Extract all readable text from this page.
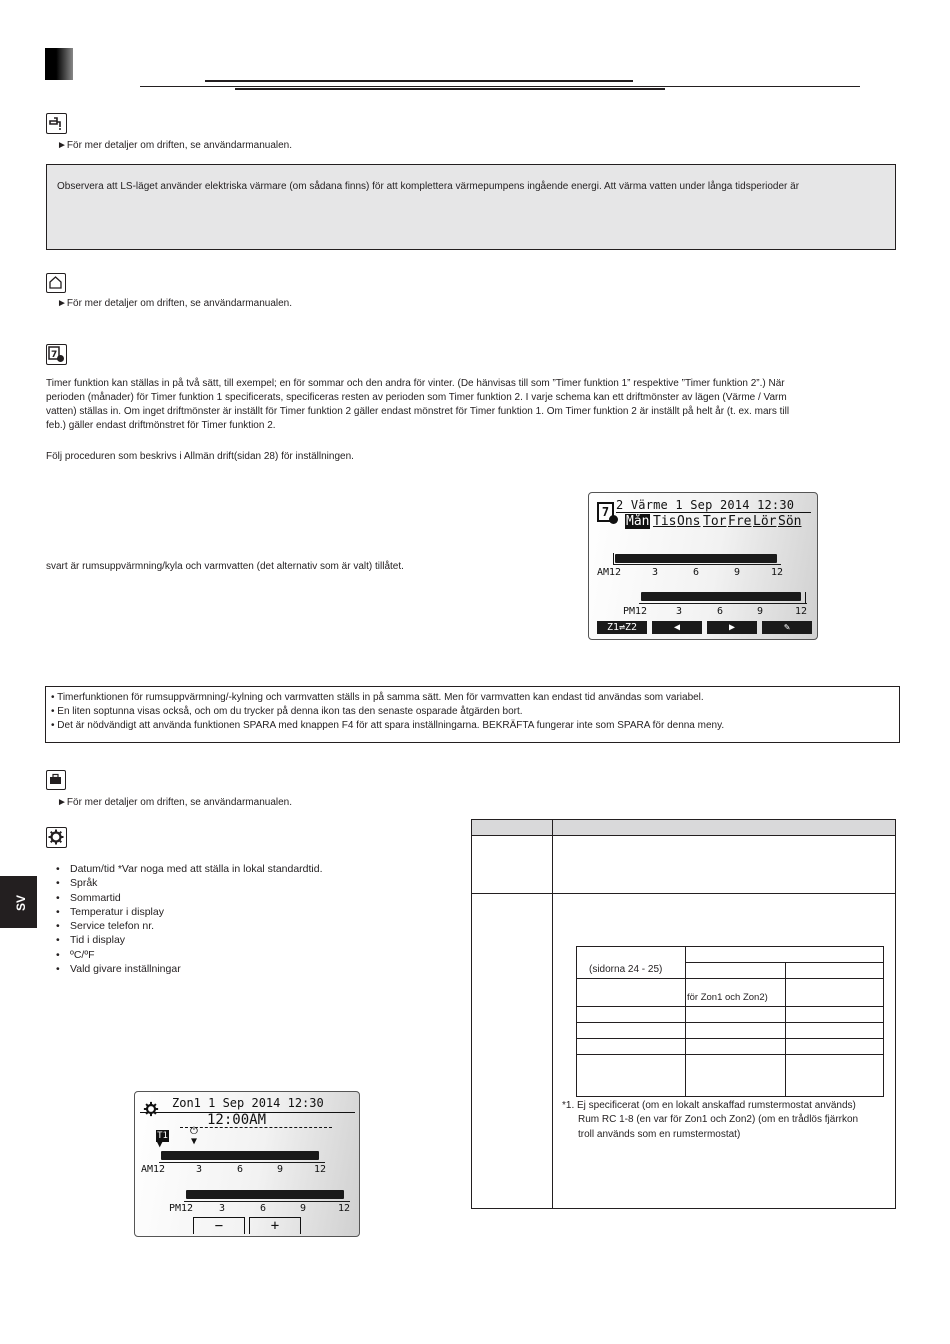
►För mer detaljer om driften, se användarmanualen.
Observera att LS-läget använder elektriska värmare (om sådana finns) för att komplettera värmepumpens ingående energi. Att värma vatten under långa tidsperioder är
►För mer detaljer om driften, se användarmanualen.
7
Timer funktion kan ställas in på två sätt, till exempel; en för sommar och den andra för vinter. (De hänvisas till som ”Timer funktion 1” respektive ”Timer funktion 2”.) När
perioden (månader) för Timer funktion 1 specificerats, specificeras resten av perioden som Timer funktion 2. I varje schema kan ett driftmönster av lägen (Värme / Varm
vatten) ställas in. Om inget driftmönster är inställt för Timer funktion 2 gäller endast mönstret för Timer funktion 1. Om Timer funktion 2 är inställt på helt år (t. ex. mars till
feb.) gäller endast driftmönstret för Timer funktion 2.
Följ proceduren som beskrivs i Allmän drift(sidan 28) för inställningen.
svart är rumsuppvärmning/kyla och varmvatten (det alternativ som är valt) tillåtet.
7 2 Värme 1 Sep 2014 12:30
Mån Tis Ons Tor Fre Lör Sön
AM12	3	6	9	12
PM12	3	6	9	12
Z1⇌Z2	◀	▶	✎
• Timerfunktionen för rumsuppvärmning/-kylning och varmvatten ställs in på samma sätt. Men för varmvatten kan endast tid användas som variabel.
• En liten soptunna visas också, och om du trycker på denna ikon tas den senaste osparade åtgärden bort.
• Det är nödvändigt att använda funktionen SPARA med knappen F4 för att spara inställningarna. BEKRÄFTA fungerar inte som SPARA för denna meny.
►För mer detaljer om driften, se användarmanualen.
• Datum/tid *Var noga med att ställa in lokal standardtid.
• Språk
• Sommartid
• Temperatur i display
• Service telefon nr.
• Tid i display
• ºC/ºF
• Vald givare inställningar
SV
Zon1 1 Sep 2014 12:30
12:00AM
⏻
▼
T1
▼
AM12	3	6	9	12
PM12	3	6	9	12
−	+
(sidorna 24 - 25)		

	för Zon1 och Zon2)	

*1. Ej specificerat (om en lokalt anskaffad rumstermostat används)
Rum RC 1-8 (en var för Zon1 och Zon2) (om en trådlös fjärrkon
troll används som en rumstermostat)
